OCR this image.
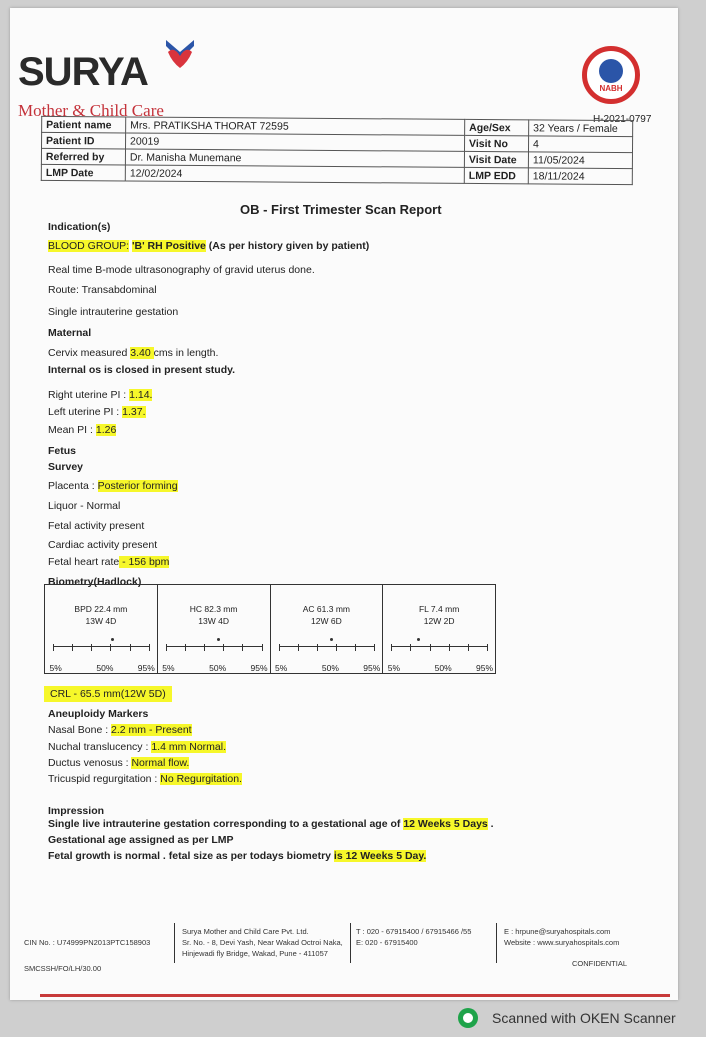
SURYA
Mother & Child Care
NABH
H-2021-0797
Patient name	Mrs. PRATIKSHA THORAT 72595	Age/Sex	32 Years / Female
Patient ID	20019	Visit No	4
Referred by	Dr. Manisha Munemane	Visit Date	11/05/2024
LMP Date	12/02/2024	LMP EDD	18/11/2024
OB - First Trimester Scan Report
Indication(s)
BLOOD GROUP: 'B' RH Positive (As per history given by patient)
Real time B-mode ultrasonography of gravid uterus done.
Route: Transabdominal
Single intrauterine gestation
Maternal
Cervix measured 3.40 cms in length.
Internal os is closed in present study.
Right uterine PI : 1.14.
Left uterine PI : 1.37.
Mean PI : 1.26
Fetus
Survey
Placenta : Posterior forming
Liquor - Normal
Fetal activity present
Cardiac activity present
Fetal heart rate - 156 bpm
Biometry(Hadlock)
BPD 22.4 mm
13W 4D
5%	50%	95%
HC 82.3 mm
13W 4D
5%	50%	95%
AC 61.3 mm
12W 6D
5%	50%	95%
FL 7.4 mm
12W 2D
5%	50%	95%
CRL - 65.5 mm(12W 5D)
Aneuploidy Markers
Nasal Bone : 2.2 mm - Present
Nuchal translucency : 1.4 mm Normal.
Ductus venosus : Normal flow.
Tricuspid regurgitation : No Regurgitation.
Impression
Single live intrauterine gestation corresponding to a gestational age of 12 Weeks 5 Days .
Gestational age assigned as per LMP
Fetal growth is normal . fetal size as per todays biometry is 12 Weeks 5 Day.
CIN No. : U74999PN2013PTC158903
SMCSSH/FO/LH/30.00
Surya Mother and Child Care Pvt. Ltd.
Sr. No. - 8, Devi Yash, Near Wakad Octroi Naka,
Hinjewadi fly Bridge, Wakad, Pune - 411057
T : 020 - 67915400 / 67915466 /55
E: 020 - 67915400
E : hrpune@suryahospitals.com
Website : www.suryahospitals.com
CONFIDENTIAL
Scanned with OKEN Scanner
